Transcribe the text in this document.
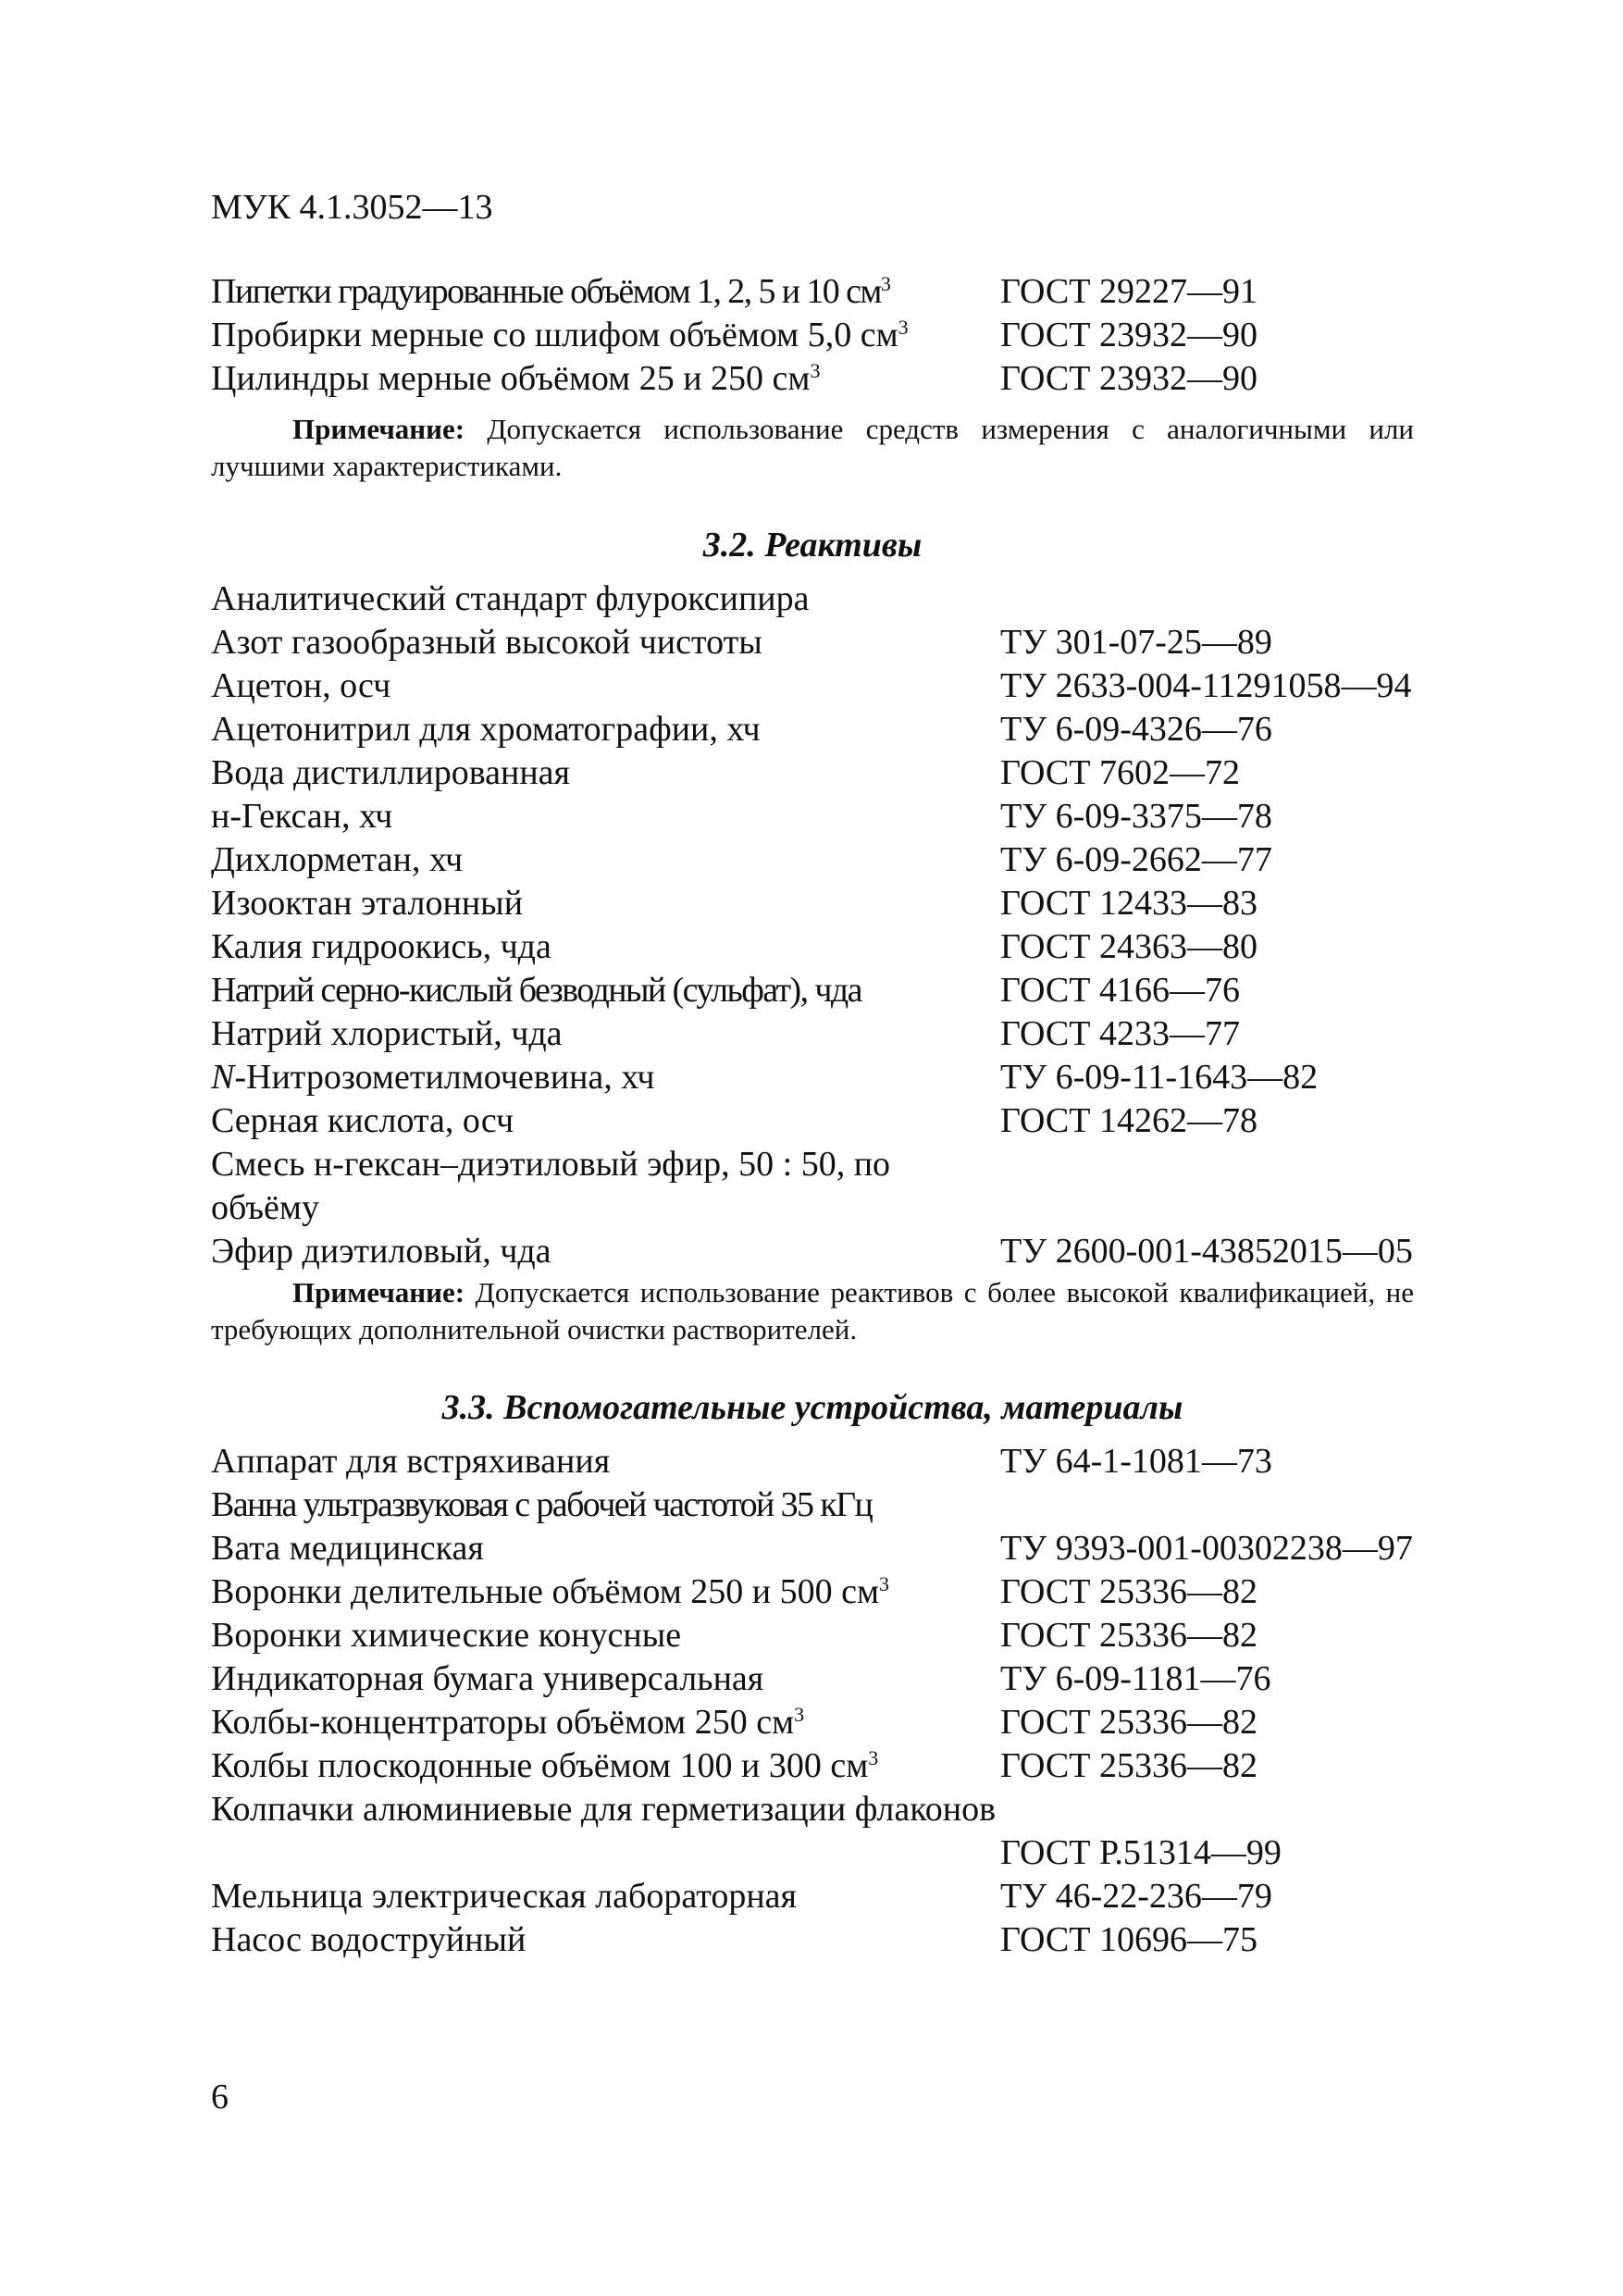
МУК 4.1.3052—13
Пипетки градуированные объёмом 1, 2, 5 и 10 $см^3$	ГОСТ 29227—91
Пробирки мерные со шлифом объёмом 5,0 $см^3$	ГОСТ 23932—90
Цилиндры мерные объёмом 25 и 250 $см^3$	ГОСТ 23932—90
Примечание: Допускается использование средств измерения с аналогичными или лучшими характеристиками.
3.2. Реактивы
Аналитический стандарт флуроксипира
Азот газообразный высокой чистоты	ТУ 301-07-25—89
Ацетон, осч	ТУ 2633-004-11291058—94
Ацетонитрил для хроматографии, хч	ТУ 6-09-4326—76
Вода дистиллированная	ГОСТ 7602—72
н-Гексан, хч	ТУ 6-09-3375—78
Дихлорметан, хч	ТУ 6-09-2662—77
Изооктан эталонный	ГОСТ 12433—83
Калия гидроокись, чда	ГОСТ 24363—80
Натрий серно-кислый безводный (сульфат), чда	ГОСТ 4166—76
Натрий хлористый, чда	ГОСТ 4233—77
N-Нитрозометилмочевина, хч	ТУ 6-09-11-1643—82
Серная кислота, осч	ГОСТ 14262—78
Смесь н-гексан–диэтиловый эфир, 50 : 50, по объёму
Эфир диэтиловый, чда	ТУ 2600-001-43852015—05
Примечание: Допускается использование реактивов с более высокой квалификацией, не требующих дополнительной очистки растворителей.
3.3. Вспомогательные устройства, материалы
Аппарат для встряхивания	ТУ 64-1-1081—73
Ванна ультразвуковая с рабочей частотой 35 кГц
Вата медицинская	ТУ 9393-001-00302238—97
Воронки делительные объёмом 250 и 500 $см^3$	ГОСТ 25336—82
Воронки химические конусные	ГОСТ 25336—82
Индикаторная бумага универсальная	ТУ 6-09-1181—76
Колбы-концентраторы объёмом 250 $см^3$	ГОСТ 25336—82
Колбы плоскодонные объёмом 100 и 300 $см^3$	ГОСТ 25336—82
Колпачки алюминиевые для герметизации флаконов
ГОСТ Р.51314—99
Мельница электрическая лабораторная	ТУ 46-22-236—79
Насос водоструйный	ГОСТ 10696—75
6
